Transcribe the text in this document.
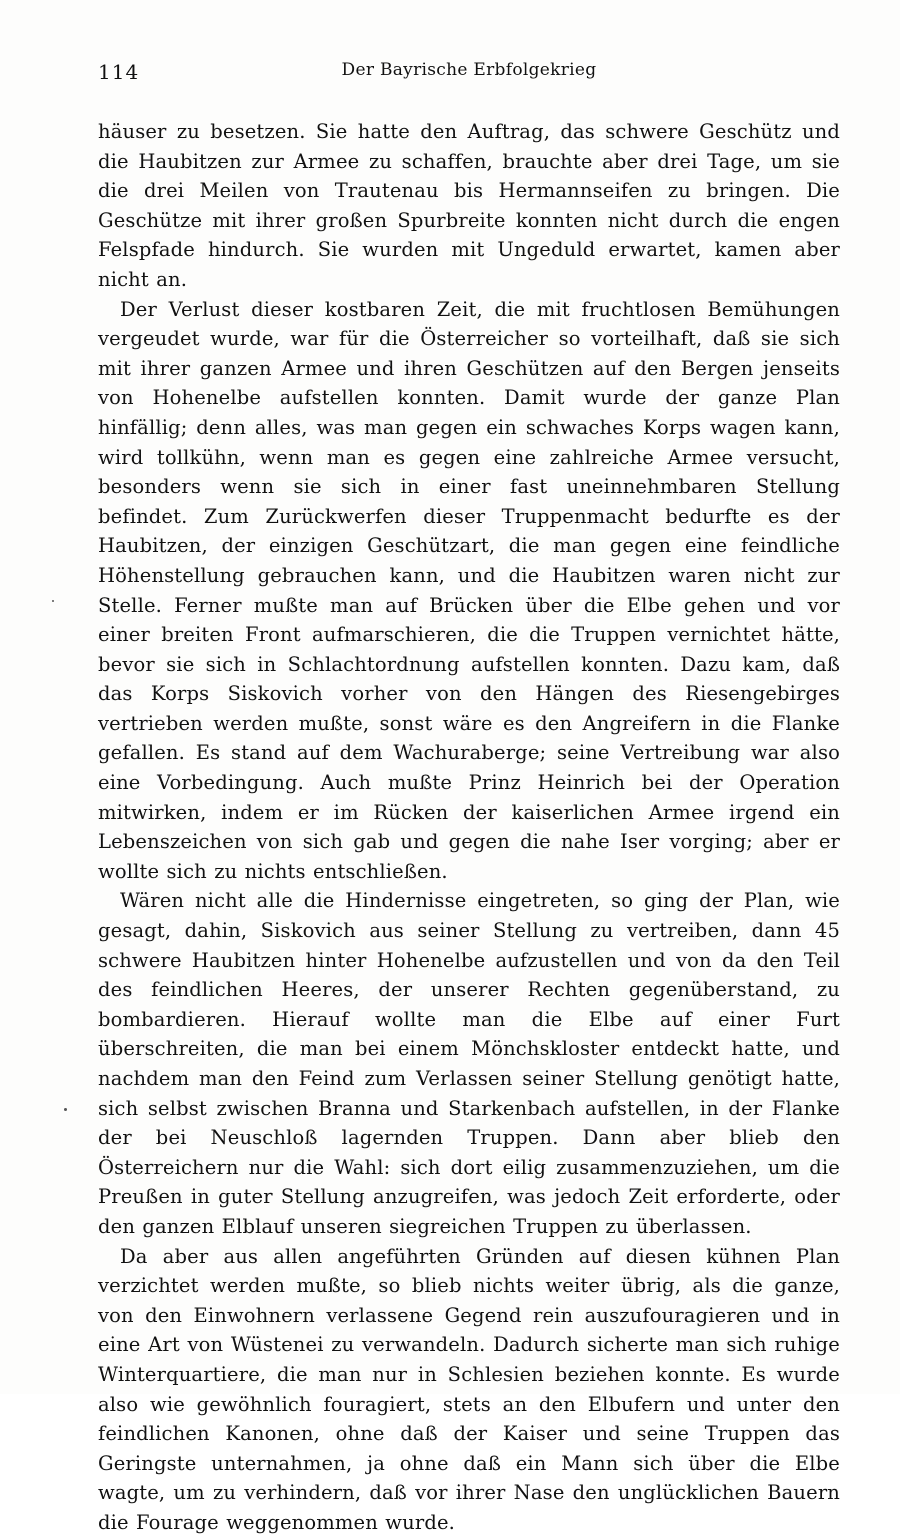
114	Der Bayrische Erbfolgekrieg

häuser zu besetzen. Sie hatte den Auftrag, das schwere Geschütz und die Haubitzen zur Armee zu schaffen, brauchte aber drei Tage, um sie die drei Meilen von Trautenau bis Hermannseifen zu bringen. Die Geschütze mit ihrer großen Spurbreite konnten nicht durch die engen Felspfade hindurch. Sie wurden mit Ungeduld erwartet, kamen aber nicht an.

Der Verlust dieser kostbaren Zeit, die mit fruchtlosen Bemühungen vergeudet wurde, war für die Österreicher so vorteilhaft, daß sie sich mit ihrer ganzen Armee und ihren Geschützen auf den Bergen jenseits von Hohenelbe aufstellen konnten. Damit wurde der ganze Plan hinfällig; denn alles, was man gegen ein schwaches Korps wagen kann, wird tollkühn, wenn man es gegen eine zahlreiche Armee versucht, besonders wenn sie sich in einer fast uneinnehmbaren Stellung befindet. Zum Zurückwerfen dieser Truppenmacht bedurfte es der Haubitzen, der einzigen Geschützart, die man gegen eine feindliche Höhenstellung gebrauchen kann, und die Haubitzen waren nicht zur Stelle. Ferner mußte man auf Brücken über die Elbe gehen und vor einer breiten Front aufmarschieren, die die Truppen vernichtet hätte, bevor sie sich in Schlachtordnung aufstellen konnten. Dazu kam, daß das Korps Siskovich vorher von den Hängen des Riesengebirges vertrieben werden mußte, sonst wäre es den Angreifern in die Flanke gefallen. Es stand auf dem Wachuraberge; seine Vertreibung war also eine Vorbedingung. Auch mußte Prinz Heinrich bei der Operation mitwirken, indem er im Rücken der kaiserlichen Armee irgend ein Lebenszeichen von sich gab und gegen die nahe Iser vorging; aber er wollte sich zu nichts entschließen.

Wären nicht alle die Hindernisse eingetreten, so ging der Plan, wie gesagt, dahin, Siskovich aus seiner Stellung zu vertreiben, dann 45 schwere Haubitzen hinter Hohenelbe aufzustellen und von da den Teil des feindlichen Heeres, der unserer Rechten gegenüberstand, zu bombardieren. Hierauf wollte man die Elbe auf einer Furt überschreiten, die man bei einem Mönchskloster entdeckt hatte, und nachdem man den Feind zum Verlassen seiner Stellung genötigt hatte, sich selbst zwischen Branna und Starkenbach aufstellen, in der Flanke der bei Neuschloß lagernden Truppen. Dann aber blieb den Österreichern nur die Wahl: sich dort eilig zusammenzuziehen, um die Preußen in guter Stellung anzugreifen, was jedoch Zeit erforderte, oder den ganzen Elblauf unseren siegreichen Truppen zu überlassen.

Da aber aus allen angeführten Gründen auf diesen kühnen Plan verzichtet werden mußte, so blieb nichts weiter übrig, als die ganze, von den Einwohnern verlassene Gegend rein auszufouragieren und in eine Art von Wüstenei zu verwandeln. Dadurch sicherte man sich ruhige Winterquartiere, die man nur in Schlesien beziehen konnte. Es wurde also wie gewöhnlich fouragiert, stets an den Elbufern und unter den feindlichen Kanonen, ohne daß der Kaiser und seine Truppen das Geringste unternahmen, ja ohne daß ein Mann sich über die Elbe wagte, um zu verhindern, daß vor ihrer Nase den unglücklichen Bauern die Fourage weggenommen wurde.
